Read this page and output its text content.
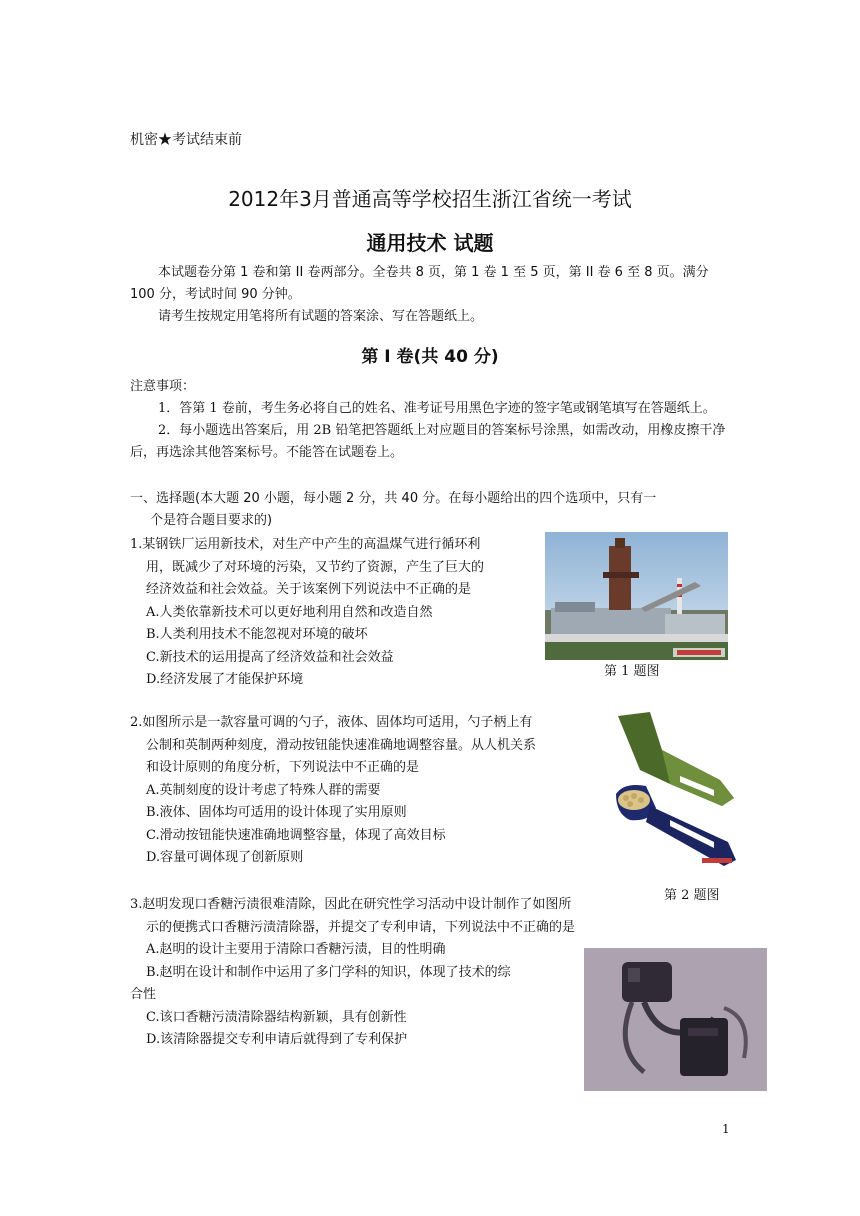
机密★考试结束前
2012年3月普通高等学校招生浙江省统一考试
通用技术 试题

本试题卷分第 1 卷和第 II 卷两部分。全卷共 8 页，第 1 卷 1 至 5 页，第 II 卷 6 至 8 页。满分 100 分，考试时间 90 分钟。

请考生按规定用笔将所有试题的答案涂、写在答题纸上。

第 I 卷(共 40 分)

注意事项：

1．答第 1 卷前，考生务必将自己的姓名、准考证号用黑色字迹的签字笔或钢笔填写在答题纸上。

2．每小题选出答案后，用 2B 铅笔把答题纸上对应题目的答案标号涂黑，如需改动，用橡皮擦干净后，再选涂其他答案标号。不能答在试题卷上。

一、选择题(本大题 20 小题，每小题 2 分，共 40 分。在每小题给出的四个选项中，只有一
个是符合题目要求的)

1.某钢铁厂运用新技术，对生产中产生的高温煤气进行循环利

用，既减少了对环境的污染，又节约了资源，产生了巨大的

经济效益和社会效益。关于该案例下列说法中不正确的是

A.人类依靠新技术可以更好地利用自然和改造自然

B.人类利用技术不能忽视对环境的破坏

C.新技术的运用提高了经济效益和社会效益

D.经济发展了才能保护环境

第 1 题图

2.如图所示是一款容量可调的勺子，液体、固体均可适用，勺子柄上有

公制和英制两种刻度，滑动按钮能快速准确地调整容量。从人机关系

和设计原则的角度分析，下列说法中不正确的是

A.英制刻度的设计考虑了特殊人群的需要

B.液体、固体均可适用的设计体现了实用原则

C.滑动按钮能快速准确地调整容量，体现了高效目标

D.容量可调体现了创新原则

第 2 题图

3.赵明发现口香糖污渍很难清除，因此在研究性学习活动中设计制作了如图所

示的便携式口香糖污渍清除器，并提交了专利申请，下列说法中不正确的是

A.赵明的设计主要用于清除口香糖污渍，目的性明确

B.赵明在设计和制作中运用了多门学科的知识，体现了技术的综

合性

C.该口香糖污渍清除器结构新颖，具有创新性

D.该清除器提交专利申请后就得到了专利保护

1
